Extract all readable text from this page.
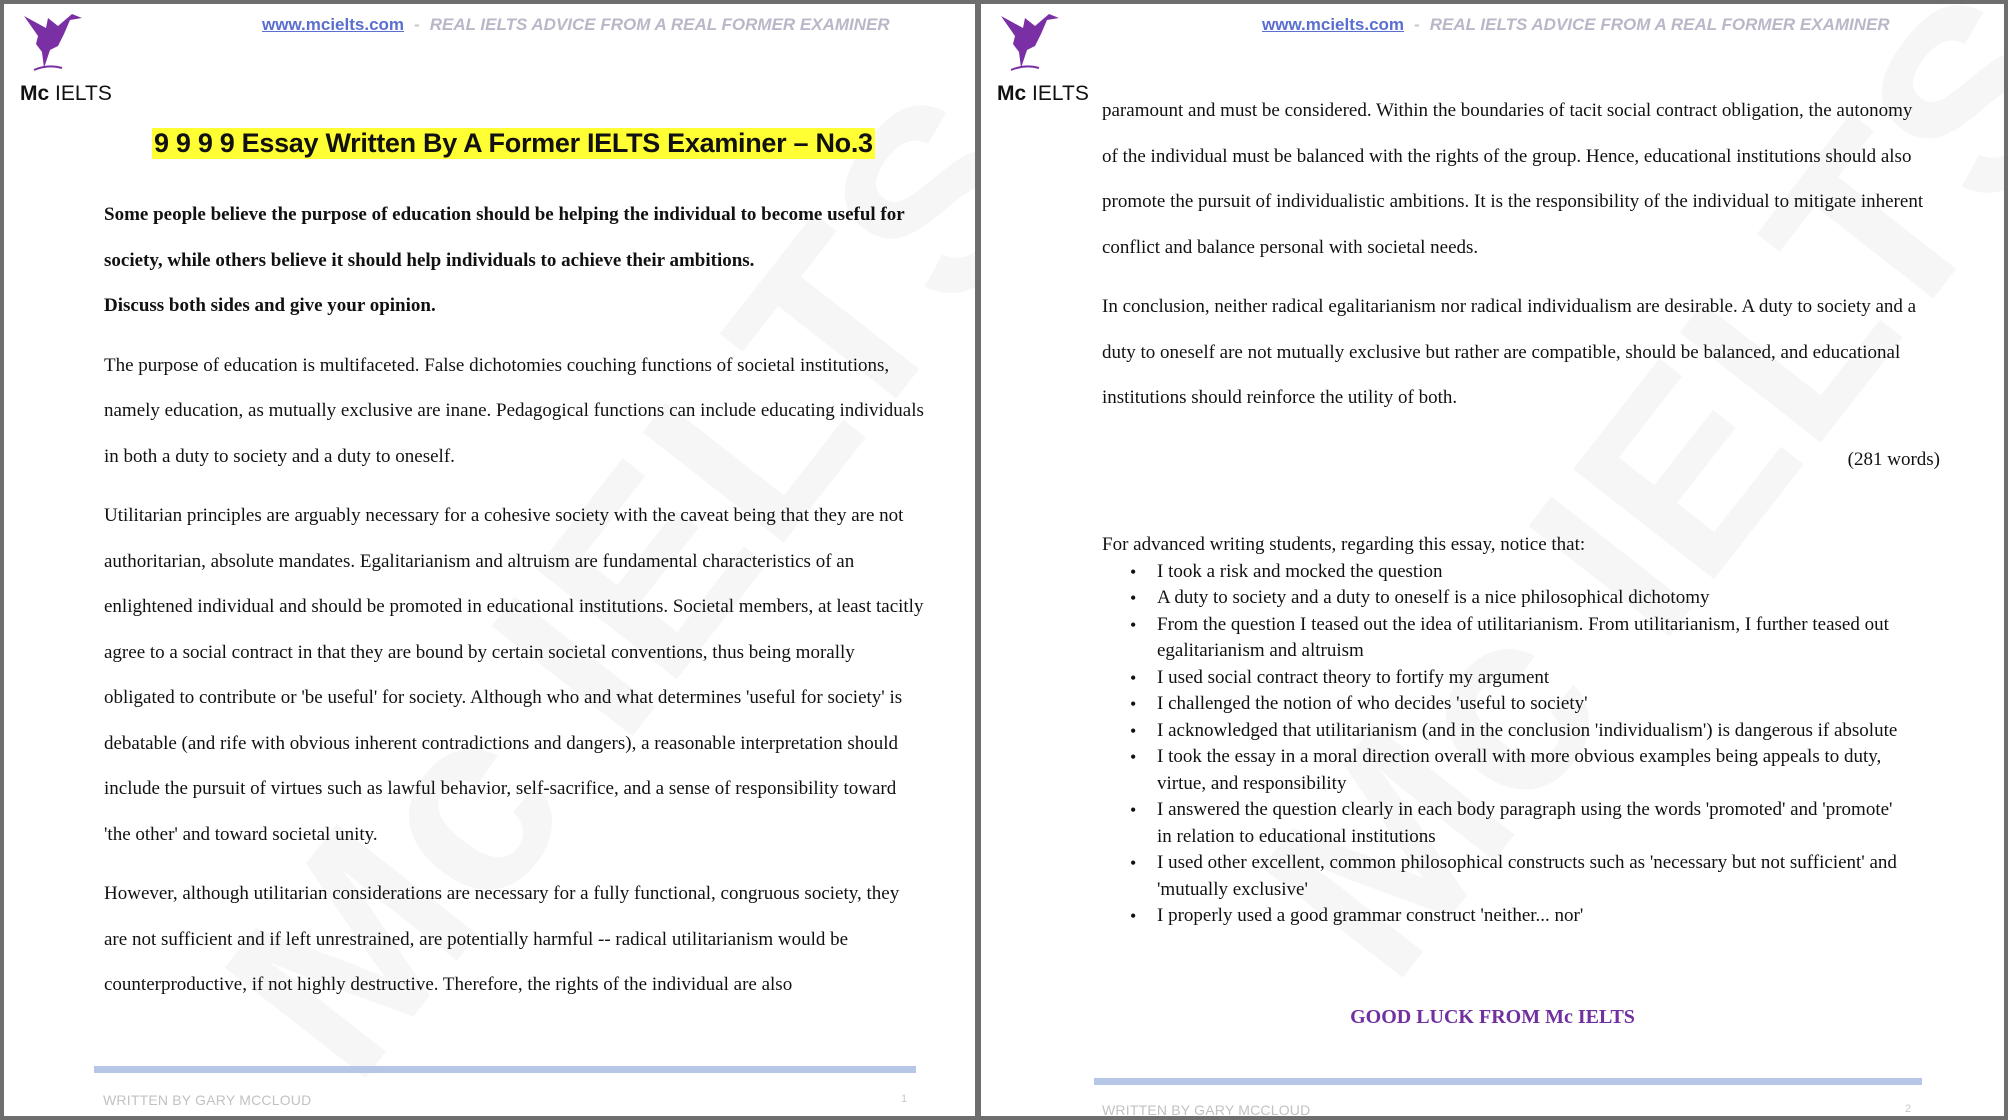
Mc IELTS
www.mcielts.com - REAL IELTS ADVICE FROM A REAL FORMER EXAMINER
9 9 9 9 Essay Written By A Former IELTS Examiner – No.3

Some people believe the purpose of education should be helping the individual to become useful for society, while others believe it should help individuals to achieve their ambitions.

Discuss both sides and give your opinion.

The purpose of education is multifaceted. False dichotomies couching functions of societal institutions, namely education, as mutually exclusive are inane. Pedagogical functions can include educating individuals in both a duty to society and a duty to oneself.

Utilitarian principles are arguably necessary for a cohesive society with the caveat being that they are not authoritarian, absolute mandates. Egalitarianism and altruism are fundamental characteristics of an enlightened individual and should be promoted in educational institutions. Societal members, at least tacitly agree to a social contract in that they are bound by certain societal conventions, thus being morally obligated to contribute or 'be useful' for society. Although who and what determines 'useful for society' is debatable (and rife with obvious inherent contradictions and dangers), a reasonable interpretation should include the pursuit of virtues such as lawful behavior, self-sacrifice, and a sense of responsibility toward 'the other' and toward societal unity.

However, although utilitarian considerations are necessary for a fully functional, congruous society, they are not sufficient and if left unrestrained, are potentially harmful -- radical utilitarianism would be counterproductive, if not highly destructive. Therefore, the rights of the individual are also

WRITTEN BY GARY MCCLOUD	1
Mc IELTS
www.mcielts.com - REAL IELTS ADVICE FROM A REAL FORMER EXAMINER

paramount and must be considered. Within the boundaries of tacit social contract obligation, the autonomy of the individual must be balanced with the rights of the group. Hence, educational institutions should also promote the pursuit of individualistic ambitions. It is the responsibility of the individual to mitigate inherent conflict and balance personal with societal needs.

In conclusion, neither radical egalitarianism nor radical individualism are desirable. A duty to society and a duty to oneself are not mutually exclusive but rather are compatible, should be balanced, and educational institutions should reinforce the utility of both.

(281 words)
For advanced writing students, regarding this essay, notice that:
• I took a risk and mocked the question
• A duty to society and a duty to oneself is a nice philosophical dichotomy
• From the question I teased out the idea of utilitarianism. From utilitarianism, I further teased out egalitarianism and altruism
• I used social contract theory to fortify my argument
• I challenged the notion of who decides 'useful to society'
• I acknowledged that utilitarianism (and in the conclusion 'individualism') is dangerous if absolute
• I took the essay in a moral direction overall with more obvious examples being appeals to duty, virtue, and responsibility
• I answered the question clearly in each body paragraph using the words 'promoted' and 'promote' in relation to educational institutions
• I used other excellent, common philosophical constructs such as 'necessary but not sufficient' and 'mutually exclusive'
• I properly used a good grammar construct 'neither... nor'
GOOD LUCK FROM Mc IELTS
WRITTEN BY GARY MCCLOUD	2
